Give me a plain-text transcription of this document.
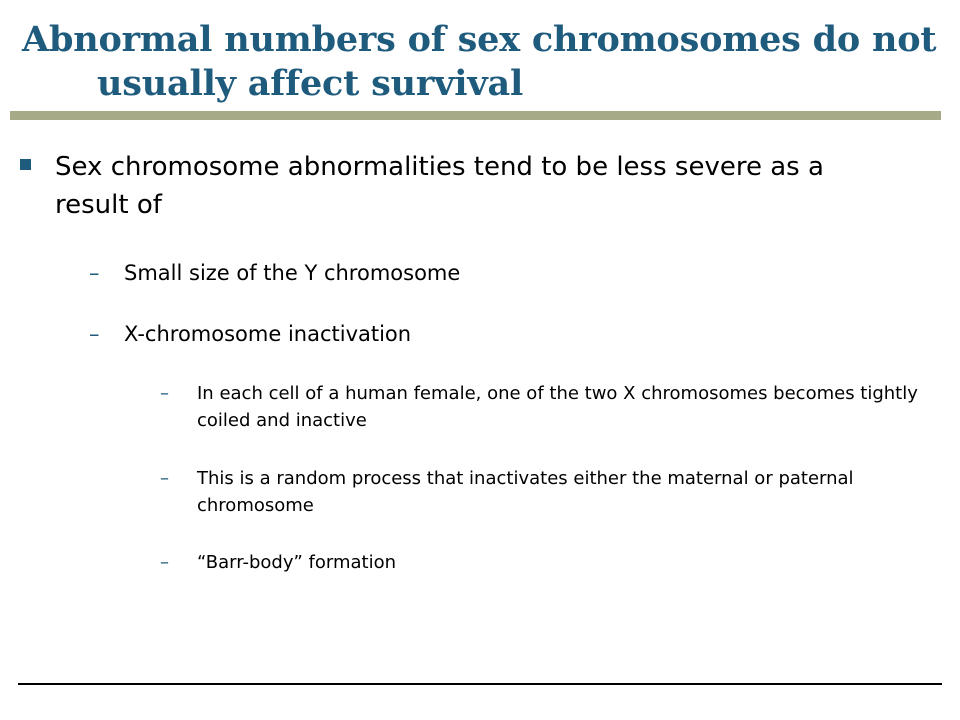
Abnormal numbers of sex chromosomes do not
usually affect survival
Sex chromosome abnormalities tend to be less severe as a result of
– Small size of the Y chromosome
– X-chromosome inactivation
– In each cell of a human female, one of the two X chromosomes becomes tightly coiled and inactive
– This is a random process that inactivates either the maternal or paternal chromosome
– “Barr-body” formation
